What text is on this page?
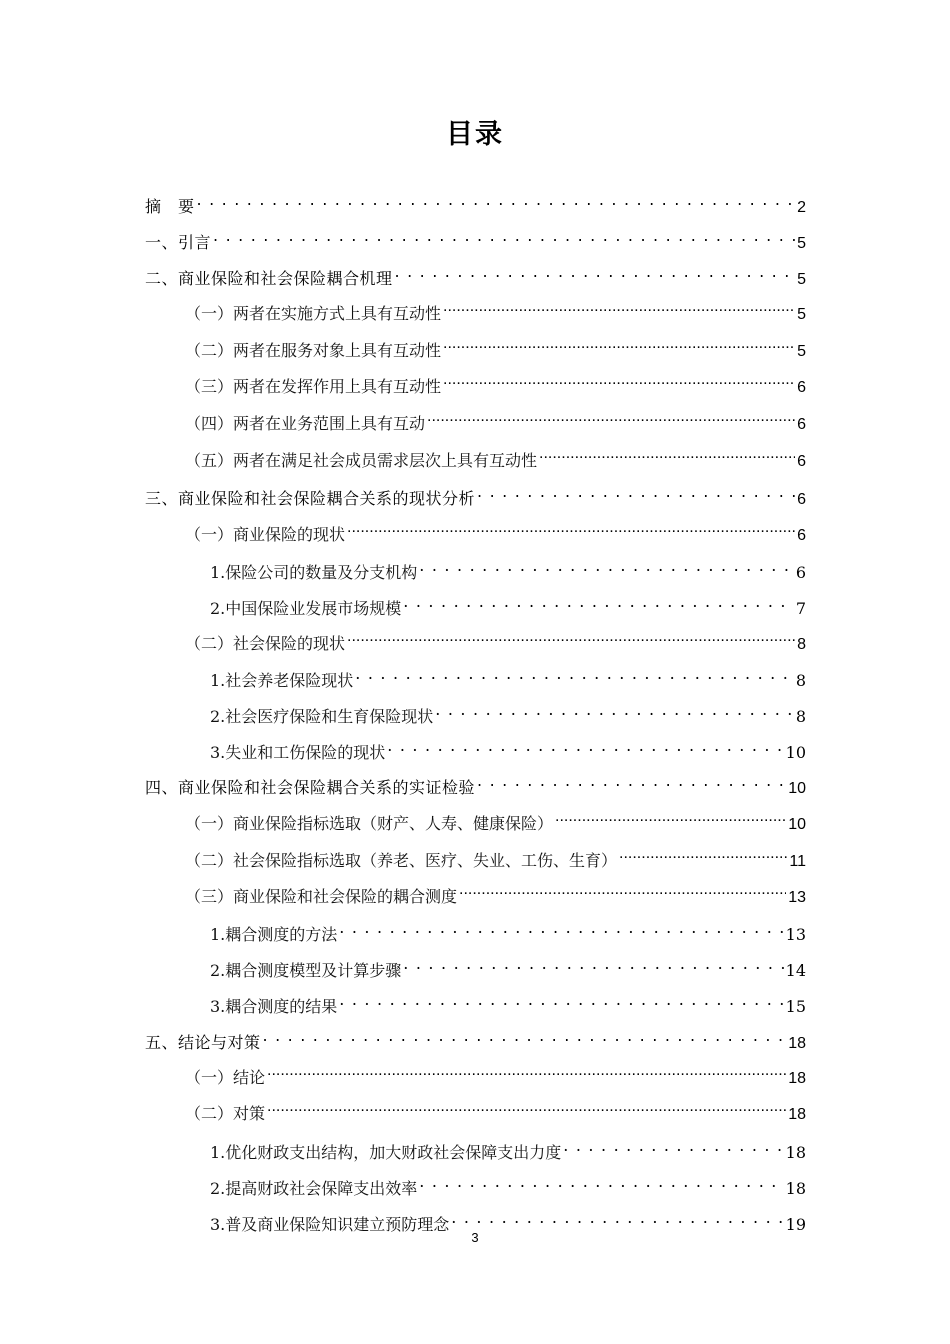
目录
摘　要 . . .	2
一、引言 . . .	5
二、商业保险和社会保险耦合机理 . . .	5
（一）两者在实施方式上具有互动性 .....	5
（二）两者在服务对象上具有互动性 .....	5
（三）两者在发挥作用上具有互动性 .....	6
（四）两者在业务范围上具有互动 .....	6
（五）两者在满足社会成员需求层次上具有互动性 .....	6
三、商业保险和社会保险耦合关系的现状分析 . . .	6
（一）商业保险的现状 .....	6
1.保险公司的数量及分支机构 . . .	6
2.中国保险业发展市场规模 . . .	7
（二）社会保险的现状 .....	8
1.社会养老保险现状 . . .	8
2.社会医疗保险和生育保险现状 . . .	8
3.失业和工伤保险的现状 . . .	10
四、商业保险和社会保险耦合关系的实证检验 . . .	10
（一）商业保险指标选取（财产、人寿、健康保险） .....	10
（二）社会保险指标选取（养老、医疗、失业、工伤、生育） .....	11
（三）商业保险和社会保险的耦合测度 .....	13
1.耦合测度的方法 . . .	13
2.耦合测度模型及计算步骤 . . .	14
3.耦合测度的结果 . . .	15
五、结论与对策 . . .	18
（一）结论 .....	18
（二）对策 .....	18
1.优化财政支出结构，加大财政社会保障支出力度 . . .	18
2.提高财政社会保障支出效率 . . .	18
3.普及商业保险知识建立预防理念 . . .	19
3
